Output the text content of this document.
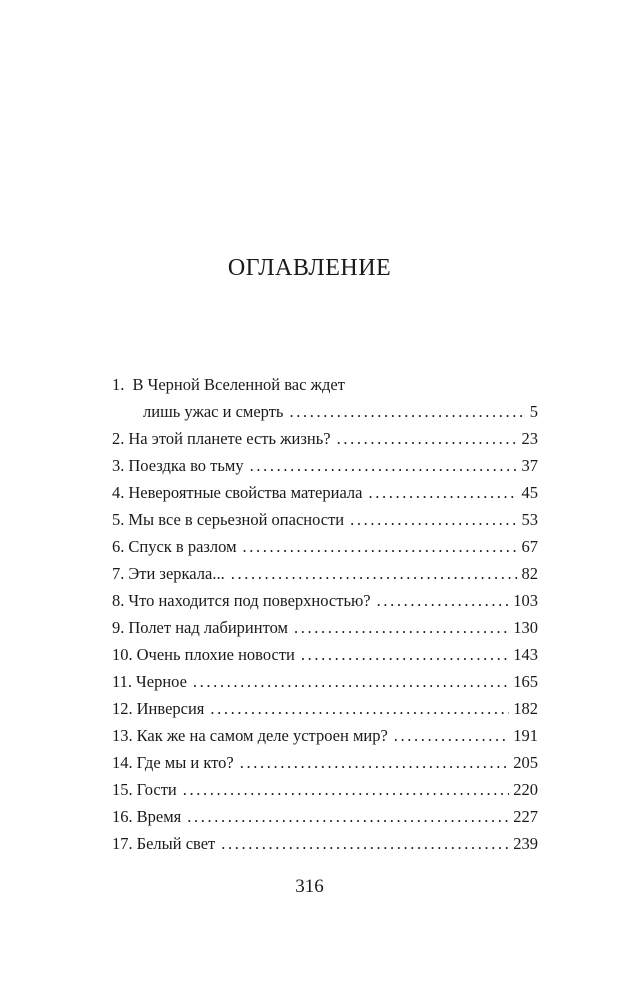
ОГЛАВЛЕНИЕ
1. В Черной Вселенной вас ждет
лишь ужас и смерть . . .	5
2. На этой планете есть жизнь? . . .	23
3. Поездка во тьму . . .	37
4. Невероятные свойства материала . . .	45
5. Мы все в серьезной опасности . . .	53
6. Спуск в разлом . . .	67
7. Эти зеркала... . . .	82
8. Что находится под поверхностью? . . .	103
9. Полет над лабиринтом . . .	130
10. Очень плохие новости . . .	143
11. Черное . . .	165
12. Инверсия . . .	182
13. Как же на самом деле устроен мир? . . .	191
14. Где мы и кто? . . .	205
15. Гости . . .	220
16. Время . . .	227
17. Белый свет . . .	239

316
